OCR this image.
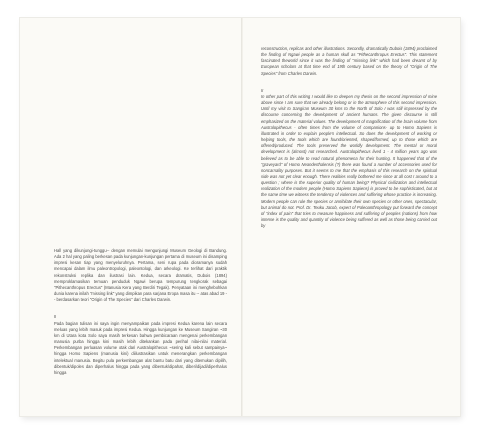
Hall yang dikunjungi-tunggu-- dengan memulai mengunjungi Museum Geologi di Bandung. Ada 2 hal yang paling berkesan pada kunjungan-kunjungan pertama di museum ini disamping impresi kesan tiap yang menyeluruhnya. Pertama, seni rupa pada dioramanya sudah mencapai dalam ilmu paleontropologi, paleontologi, dan arkeologi. Ke terlihat dari praktik rekonstruksi replika dan ilustrasi lain. Kedua, secara dramatis, Dubois (1894) memproklamasikan temuan penduduk Ngawi berupa tempurung tengkorak sebagai "Pithecanthropus Erectus" (Manusia Kera yang Berdiri Tegak). Penyataan ini menghebohkan dunia karena inilah "missing link" yang dimpikan para sarjana Eropa masa itu -- atas abad 19 -- berdasarkan teori "Origin of The Species" dari Charles Darwin.

II

Pada bagian tulisan ini saya ingin menyampaikan pada impresi Kedua karena lain secara meluas yang lebih masuk pada impresi Kedua. Hingga kunjungan ke Museum Sangiran ~30 km di Utara kota Solo saya masih terkesan bahwa pembicaraan mengenai perkembangan manusia purba hingga kini masih lebih ditekankan pada perihal nilai-nilai material. Perkembangan perluasan volume otak dari Australopithecus ~sering kali sebut sampainya~ hingga Homo Sapiens (manusia kini) diilustrasikan untuk menerangkan perkembangan intelektual manusia. Begitu pula perkembangan alat bantu batu dari yang ditemukan dipilih, dibentuk/dipoles dan diperhalus hingga pada yang dibentuk/dipahat, diberi/dijadi/diperhalus hingga

reconstruction, replicas and other illustrations. Secondly, dramatically Dubois (1894) proclaimed the finding of Ngawi people as a human skull as "Pithecanthropus Erectus". This statement fascinated theworld since it was the finding of "missing link" which had been dreamt of by European scholars at that time end of 19th century based on the theory of "Origin of The Species" from Charles Darwin.

II

In other part of this writing I would like to deepen my thesis on the second impression of mine above since I am sure that we already belong or in the atmosphere of this second impression. Until my visit to Sangiran Museum 30 kms to the North of Solo I was still impressed by the discourse concerning the development of ancient humans. The given discourse is still emphasized on the material values. The development of magnification of the brain volume from Australopithecus - often times from the volume of companions- up to Homo Sapiens is illustrated in order to explain people's intellectual. So does the development of working or helping tools, the tools which are found/oriented, shaped/formed, up to those which are offered/produced. The tools preserved the worldly development. The mental or moral development is (almost) not researched. Australopithecus lived 1 - 4 million years ago was believed as to be able to read natural phenomena for their hunting. It happened that of the "graveyard" of Homo Neanderthalensis (?) there was found a number of accessories used for noncarnality purposes. But it seems to me that the emphasis of this research on the spiritual side was not yet clear enough. There realities really bothered me since at all cost I around to a question ; where is the superior quality of human being? Physical civilization and intellectual realization of the modern people (Homo Sapiens Sapiens) is proved to be sophisticated, but at the same time we witness the tendency of violences and suffering whose practice is increasing. Modern people can rule the species or annihilate their own species or other ones, spectacular, but animal do not. Prof. Dr. Teuku Jacob, expert of Paleoanthropology put forward the concept of "index of pain" that tries to measure happiness and suffering of peoples (nations) from how intense is the quality and quantity of violence being suffered as well as those being carried out by
